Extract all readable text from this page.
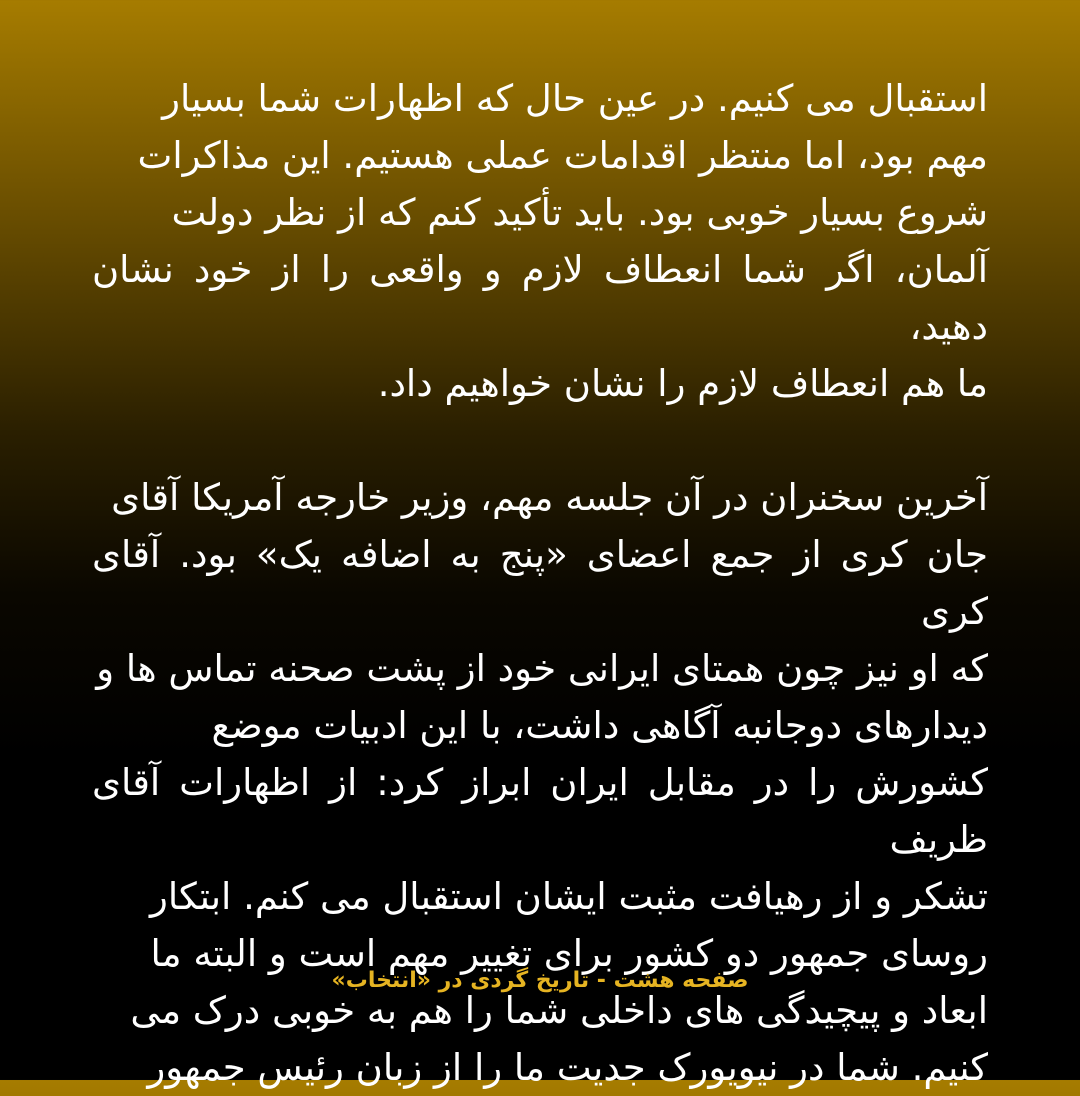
استقبال می کنیم. در عین حال که اظهارات شما بسیار
مهم بود، اما منتظر اقدامات عملی هستیم. این مذاکرات
شروع بسیار خوبی بود. باید تأکید کنم که از نظر دولت
آلمان، اگر شما انعطاف لازم و واقعی را از خود نشان دهید،
ما هم انعطاف لازم را نشان خواهیم داد.

آخرین سخنران در آن جلسه مهم، وزیر خارجه آمریکا آقای
جان کری از جمع اعضای «پنج به اضافه یک» بود. آقای کری
که او نیز چون همتای ایرانی خود از پشت صحنه تماس ها و
دیدارهای دوجانبه آگاهی داشت، با این ادبیات موضع
کشورش را در مقابل ایران ابراز کرد: از اظهارات آقای ظریف
تشکر و از رهیافت مثبت ایشان استقبال می کنم. ابتکار
روسای جمهور دو کشور برای تغییر مهم است و البته ما
ابعاد و پیچیدگی های داخلی شما را هم به خوبی درک می
کنیم. شما در نیویورک جدیت ما را از زبان رئیس جمهور

صفحه هشت - تاریخ گردی در «انتخاب»
